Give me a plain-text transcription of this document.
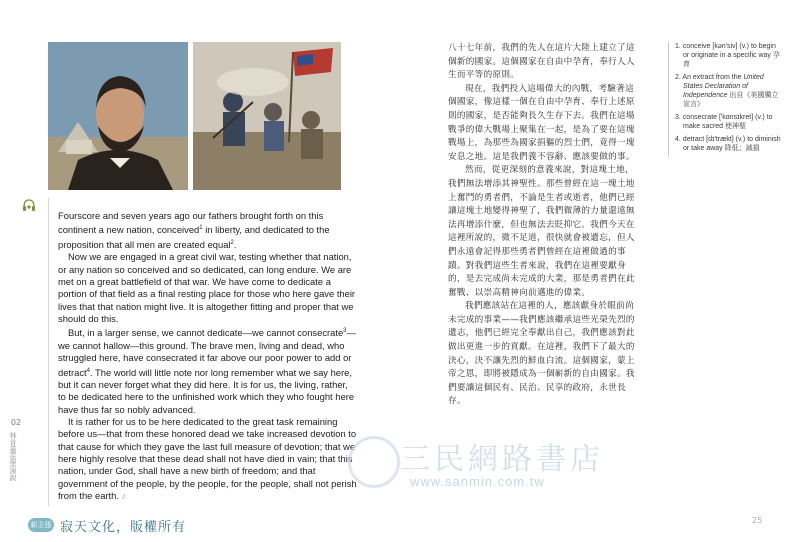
02
林肯蓋茲堡演說

Fourscore and seven years ago our fathers brought forth on this continent a new nation, conceived$^1$ in liberty, and dedicated to the proposition that all men are created equal$^2$.

Now we are engaged in a great civil war, testing whether that nation, or any nation so conceived and so dedicated, can long endure. We are met on a great battlefield of that war. We have come to dedicate a portion of that field as a final resting place for those who here gave their lives that that nation might live. It is altogether fitting and proper that we should do this.

But, in a larger sense, we cannot dedicate—we cannot consecrate$^3$—we cannot hallow—this ground. The brave men, living and dead, who struggled here, have consecrated it far above our poor power to add or detract$^4$. The world will little note nor long remember what we say here, but it can never forget what they did here. It is for us, the living, rather, to be dedicated here to the unfinished work which they who fought here have thus far so nobly advanced.

It is rather for us to be here dedicated to the great task remaining before us—that from these honored dead we take increased devotion to that cause for which they gave the last full measure of devotion; that we here highly resolve that these dead shall not have died in vain; that this nation, under God, shall have a new birth of freedom; and that government of the people, by the people, for the people, shall not perish from the earth. ♪

八十七年前，我們的先人在這片大陸上建立了這個新的國家。這個國家在自由中孕育，奉行人人生而平等的原則。

現在，我們投入這場偉大的內戰，考驗著這個國家，像這樣一個在自由中孕育、奉行上述原則的國家，是否能夠長久生存下去。我們在這場戰爭的偉大戰場上聚集在一起，是為了要在這塊戰場上，為那些為國家捐軀的烈士們，竟得一塊安息之地。這是我們義不容辭、應該要做的事。

然而，從更深刻的意義來說，對這塊土地，我們無法增添其神聖性。那些曾經在這一塊土地上奮鬥的勇者們，不論是生者或逝者，他們已經讓這塊土地變得神聖了，我們微薄的力量還遠無法再增添什麼，但也無法去貶抑它。我們今天在這裡所說的，微不足道，很快就會被遺忘，但人們永遠會記得那些勇者們曾經在這裡做過的事蹟。對我們這些生者來說，我們在這裡要獻身的，是去完成尚未完成的大業，那是勇者們在此奮戰、以崇高精神向前邁進的偉業。

我們應該站在這裡的人，應該獻身於眼前尚未完成的事業——我們應該繼承這些光榮先烈的遺志，他們已經完全奉獻出自己，我們應該對此做出更進一步的貢獻。在這裡，我們下了最大的決心，決不讓先烈的鮮血白流。這個國家，蒙上帝之恩，即將被隱成為一個嶄新的自由國家。我們要讓這個民有、民治、民享的政府，永世長存。

1. conceive [kən'siv] (v.) to begin or originate in a specific way 孕育
2. An extract from the United States Declaration of Independence 出自《美國獨立宣言》
3. consecrate ['kɑnsɪkret] (v.) to make sacred 使神聖
4. detract [dɪ'trækt] (v.) to diminish or take away 降低；減損
三民網路書店
www.sanmin.com.tw
新主張 寂天文化，版權所有	25
